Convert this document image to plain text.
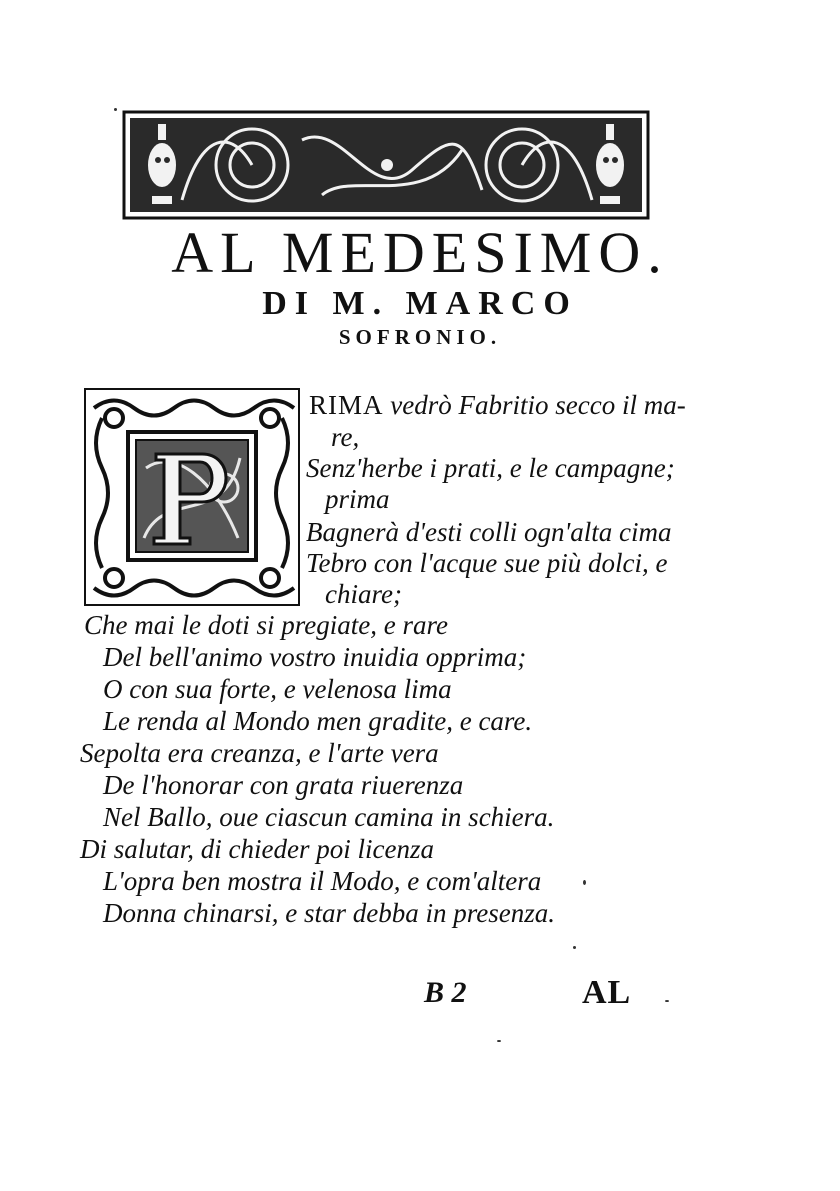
AL MEDESIMO.
DI M. MARCO
SOFRONIO.
RIMA vedrò Fabritio secco il ma-
re,
Senz'herbe i prati, e le campagne;
prima
Bagnerà d'esti colli ogn'alta cima
Tebro con l'acque sue più dolci, e
chiare;
Che mai le doti si pregiate, e rare
Del bell'animo vostro inuidia opprima;
O con sua forte, e velenosa lima
Le renda al Mondo men gradite, e care.
Sepolta era creanza, e l'arte vera
De l'honorar con grata riuerenza
Nel Ballo, oue ciascun camina in schiera.
Di salutar, di chieder poi licenza
L'opra ben mostra il Modo, e com'altera
Donna chinarsi, e star debba in presenza.
B 2	AL
